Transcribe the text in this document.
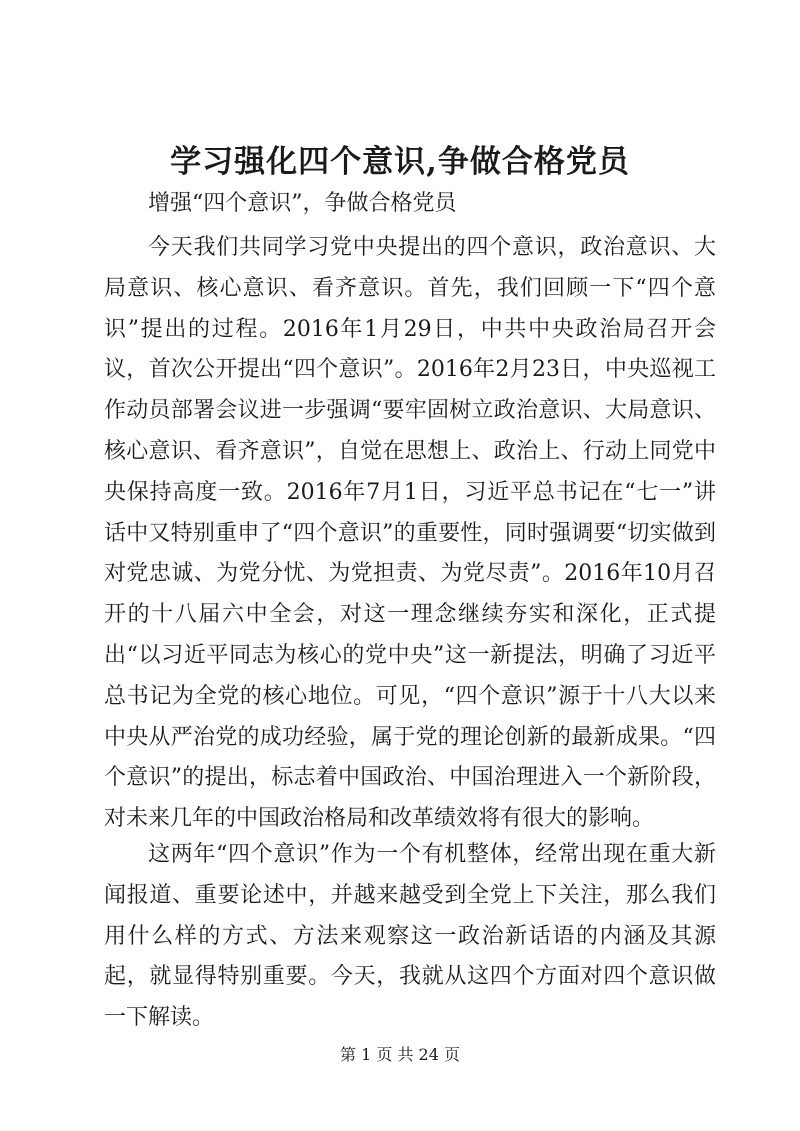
学习强化四个意识,争做合格党员
增强“四个意识”，争做合格党员

今天我们共同学习党中央提出的四个意识，政治意识、大局意识、核心意识、看齐意识。首先，我们回顾一下“四个意识”提出的过程。2016年1月29日，中共中央政治局召开会议，首次公开提出“四个意识”。2016年2月23日，中央巡视工作动员部署会议进一步强调“要牢固树立政治意识、大局意识、核心意识、看齐意识”，自觉在思想上、政治上、行动上同党中央保持高度一致。2016年7月1日，习近平总书记在“七一”讲话中又特别重申了“四个意识”的重要性，同时强调要“切实做到对党忠诚、为党分忧、为党担责、为党尽责”。2016年10月召开的十八届六中全会，对这一理念继续夯实和深化，正式提出“以习近平同志为核心的党中央”这一新提法，明确了习近平总书记为全党的核心地位。可见，“四个意识”源于十八大以来中央从严治党的成功经验，属于党的理论创新的最新成果。“四个意识”的提出，标志着中国政治、中国治理进入一个新阶段，对未来几年的中国政治格局和改革绩效将有很大的影响。

这两年“四个意识”作为一个有机整体，经常出现在重大新闻报道、重要论述中，并越来越受到全党上下关注，那么我们用什么样的方式、方法来观察这一政治新话语的内涵及其源起，就显得特别重要。今天，我就从这四个方面对四个意识做一下解读。

第 1 页 共 24 页
